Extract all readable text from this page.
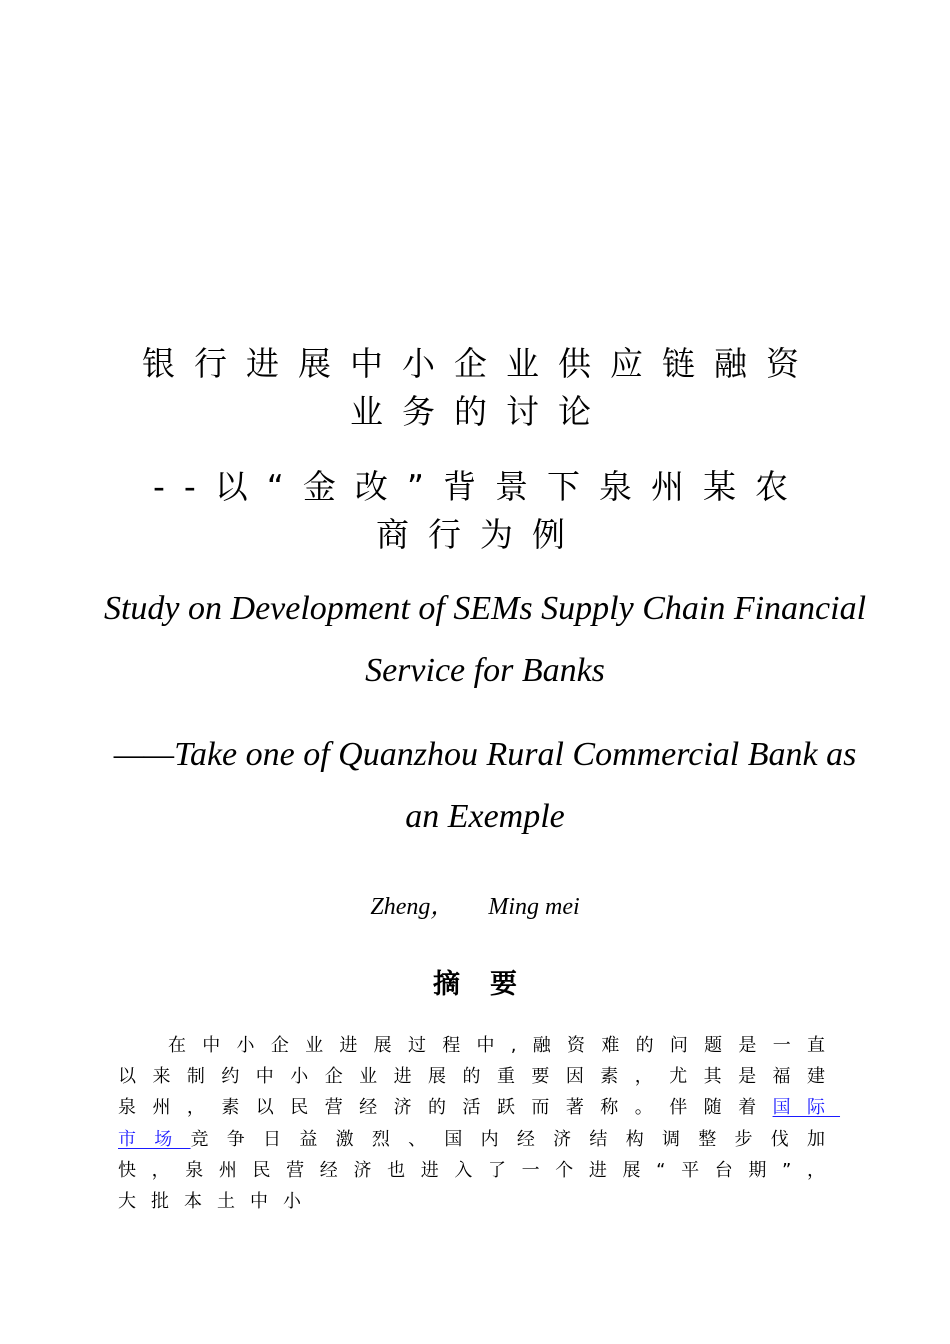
银行进展中小企业供应链融资业务的讨论
--以“金改”背景下泉州某农商行为例
Study on Development of SEMs Supply Chain Financial Service for Banks
——Take one of Quanzhou Rural Commercial Bank as an Exemple
Zheng， Ming mei
摘要
在中小企业进展过程中,融资难的问题是一直以来制约中小企业进展的重要因素，尤其是福建泉州，素以民营经济的活跃而著称。伴随着国际市场竞争日益激烈、国内经济结构调整步伐加快，泉州民营经济也进入了一个进展“平台期”，大批本土中小
